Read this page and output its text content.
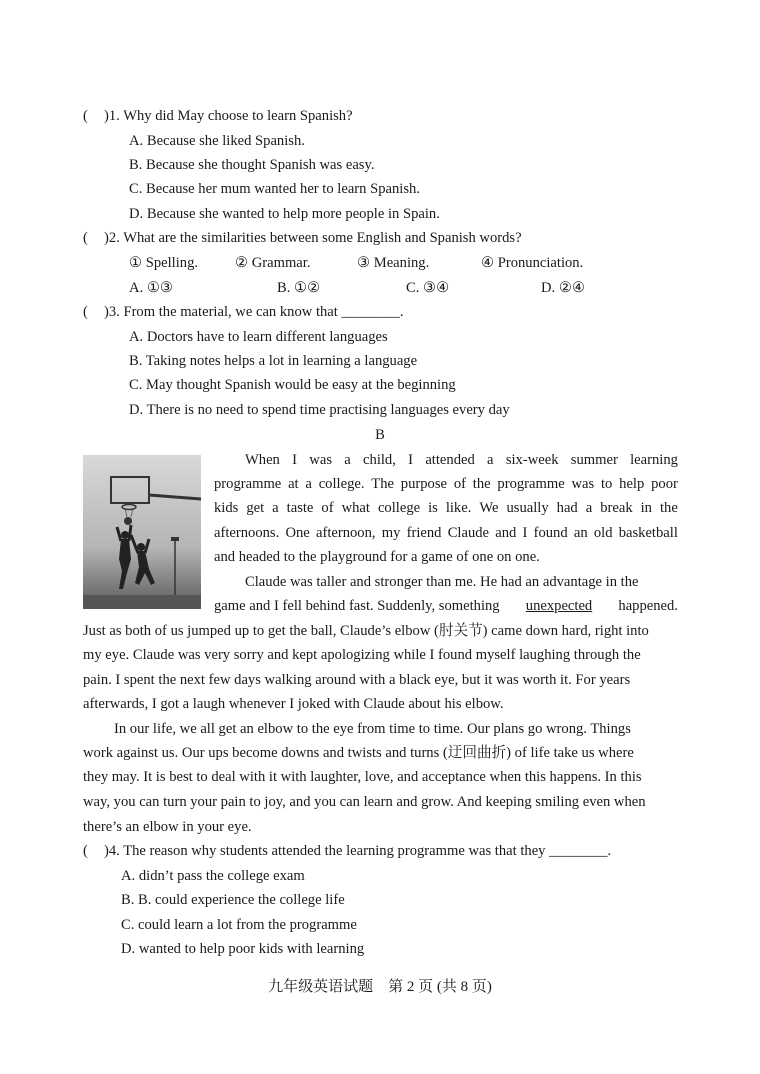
( )1. Why did May choose to learn Spanish?
A. Because she liked Spanish.
B. Because she thought Spanish was easy.
C. Because her mum wanted her to learn Spanish.
D. Because she wanted to help more people in Spain.
( )2. What are the similarities between some English and Spanish words?
① Spelling.	② Grammar.	③ Meaning.	④ Pronunciation.
A. ①③	B. ①②	C. ③④	D. ②④
( )3. From the material, we can know that ________.
A. Doctors have to learn different languages
B. Taking notes helps a lot in learning a language
C. May thought Spanish would be easy at the beginning
D. There is no need to spend time practising languages every day
B
When I was a child, I attended a six-week summer learning
programme at a college. The purpose of the programme was to help poor
kids get a taste of what college is like. We usually had a break in the
afternoons. One afternoon, my friend Claude and I found an old basketball
and headed to the playground for a game of one on one.
Claude was taller and stronger than me. He had an advantage in the
game and I fell behind fast. Suddenly, something unexpected happened.
Just as both of us jumped up to get the ball, Claude’s elbow (肘关节) came down hard, right into
my eye. Claude was very sorry and kept apologizing while I found myself laughing through the
pain. I spent the next few days walking around with a black eye, but it was worth it. For years
afterwards, I got a laugh whenever I joked with Claude about his elbow.
In our life, we all get an elbow to the eye from time to time. Our plans go wrong. Things
work against us. Our ups become downs and twists and turns (迂回曲折) of life take us where
they may. It is best to deal with it with laughter, love, and acceptance when this happens. In this
way, you can turn your pain to joy, and you can learn and grow. And keeping smiling even when
there’s an elbow in your eye.
( )4. The reason why students attended the learning programme was that they ________.
A. didn’t pass the college exam
B. B. could experience the college life
C. could learn a lot from the programme
D. wanted to help poor kids with learning
九年级英语试题　第 2 页 (共 8 页)
